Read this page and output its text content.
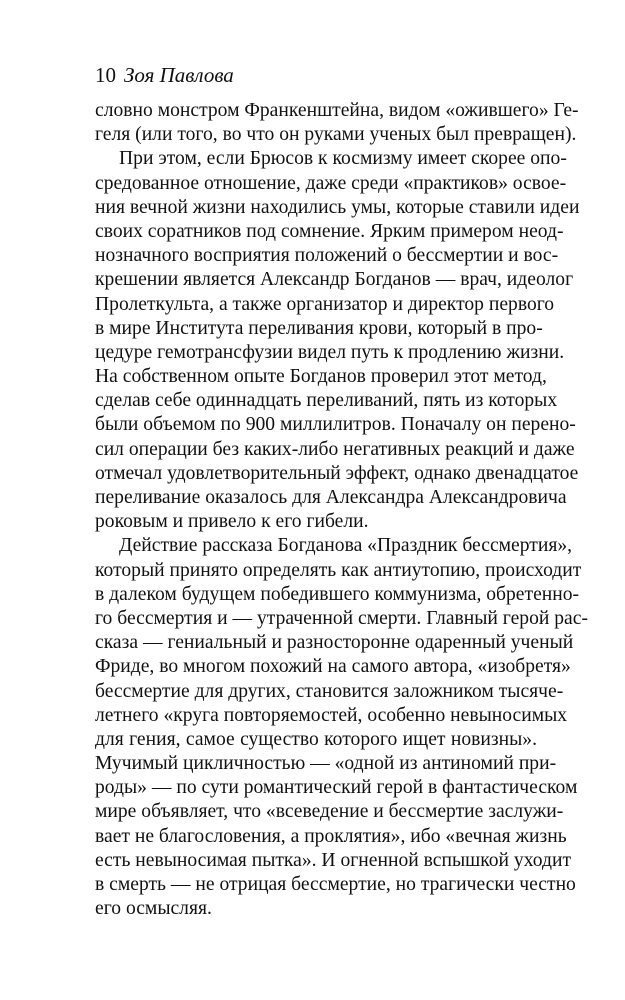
10 Зоя Павлова
словно монстром Франкенштейна, видом «ожившего» Ге-
геля (или того, во что он руками ученых был превращен).
При этом, если Брюсов к космизму имеет скорее опо-
средованное отношение, даже среди «практиков» освое-
ния вечной жизни находились умы, которые ставили идеи
своих соратников под сомнение. Ярким примером неод-
нозначного восприятия положений о бессмертии и вос-
крешении является Александр Богданов — врач, идеолог
Пролеткульта, а также организатор и директор первого
в мире Института переливания крови, который в про-
цедуре гемотрансфузии видел путь к продлению жизни.
На собственном опыте Богданов проверил этот метод,
сделав себе одиннадцать переливаний, пять из которых
были объемом по 900 миллилитров. Поначалу он перено-
сил операции без каких-либо негативных реакций и даже
отмечал удовлетворительный эффект, однако двенадцатое
переливание оказалось для Александра Александровича
роковым и привело к его гибели.
Действие рассказа Богданова «Праздник бессмертия»,
который принято определять как антиутопию, происходит
в далеком будущем победившего коммунизма, обретенно-
го бессмертия и — утраченной смерти. Главный герой рас-
сказа — гениальный и разносторонне одаренный ученый
Фриде, во многом похожий на самого автора, «изобретя»
бессмертие для других, становится заложником тысяче-
летнего «круга повторяемостей, особенно невыносимых
для гения, самое существо которого ищет новизны».
Мучимый цикличностью — «одной из антиномий при-
роды» — по сути романтический герой в фантастическом
мире объявляет, что «всеведение и бессмертие заслужи-
вает не благословения, а проклятия», ибо «вечная жизнь
есть невыносимая пытка». И огненной вспышкой уходит
в смерть — не отрицая бессмертие, но трагически честно
его осмысляя.
